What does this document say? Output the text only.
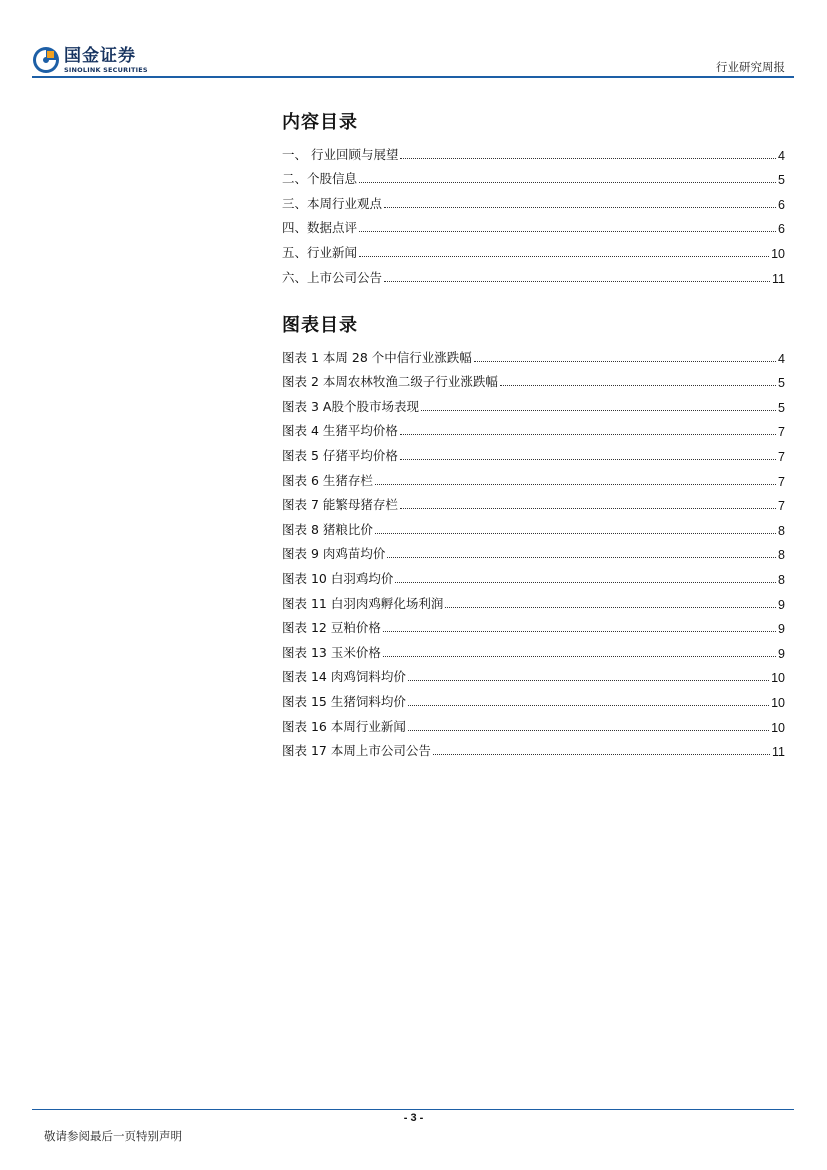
国金证券
SINOLINK SECURITIES	行业研究周报
内容目录
一、 行业回顾与展望	4
二、个股信息	5
三、本周行业观点	6
四、数据点评	6
五、行业新闻	10
六、上市公司公告	11
图表目录
图表 1 本周 28 个中信行业涨跌幅	4
图表 2 本周农林牧渔二级子行业涨跌幅	5
图表 3 A股个股市场表现	5
图表 4 生猪平均价格	7
图表 5 仔猪平均价格	7
图表 6 生猪存栏	7
图表 7 能繁母猪存栏	7
图表 8 猪粮比价	8
图表 9 肉鸡苗均价	8
图表 10 白羽鸡均价	8
图表 11 白羽肉鸡孵化场利润	9
图表 12 豆粕价格	9
图表 13 玉米价格	9
图表 14 肉鸡饲料均价	10
图表 15 生猪饲料均价	10
图表 16 本周行业新闻	10
图表 17 本周上市公司公告	11
- 3 -
敬请参阅最后一页特别声明
